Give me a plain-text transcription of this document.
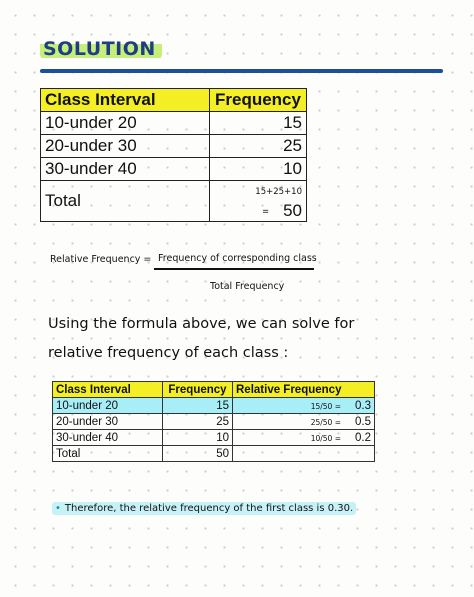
SOLUTION
Class Interval	Frequency
10-under 20	15
20-under 30	25
30-under 40	10
Total	15+25+10 = 50
Relative Frequency = Frequency of corresponding class
Total Frequency
Using the formula above, we can solve for
relative frequency of each class :
Class Interval	Frequency	Relative Frequency
10-under 20	15	15/50 = 0.3

20-under 30	25	25/50 = 0.5

30-under 40	10	10/50 = 0.2

Total	50	
• Therefore, the relative frequency of the first class is 0.30.
